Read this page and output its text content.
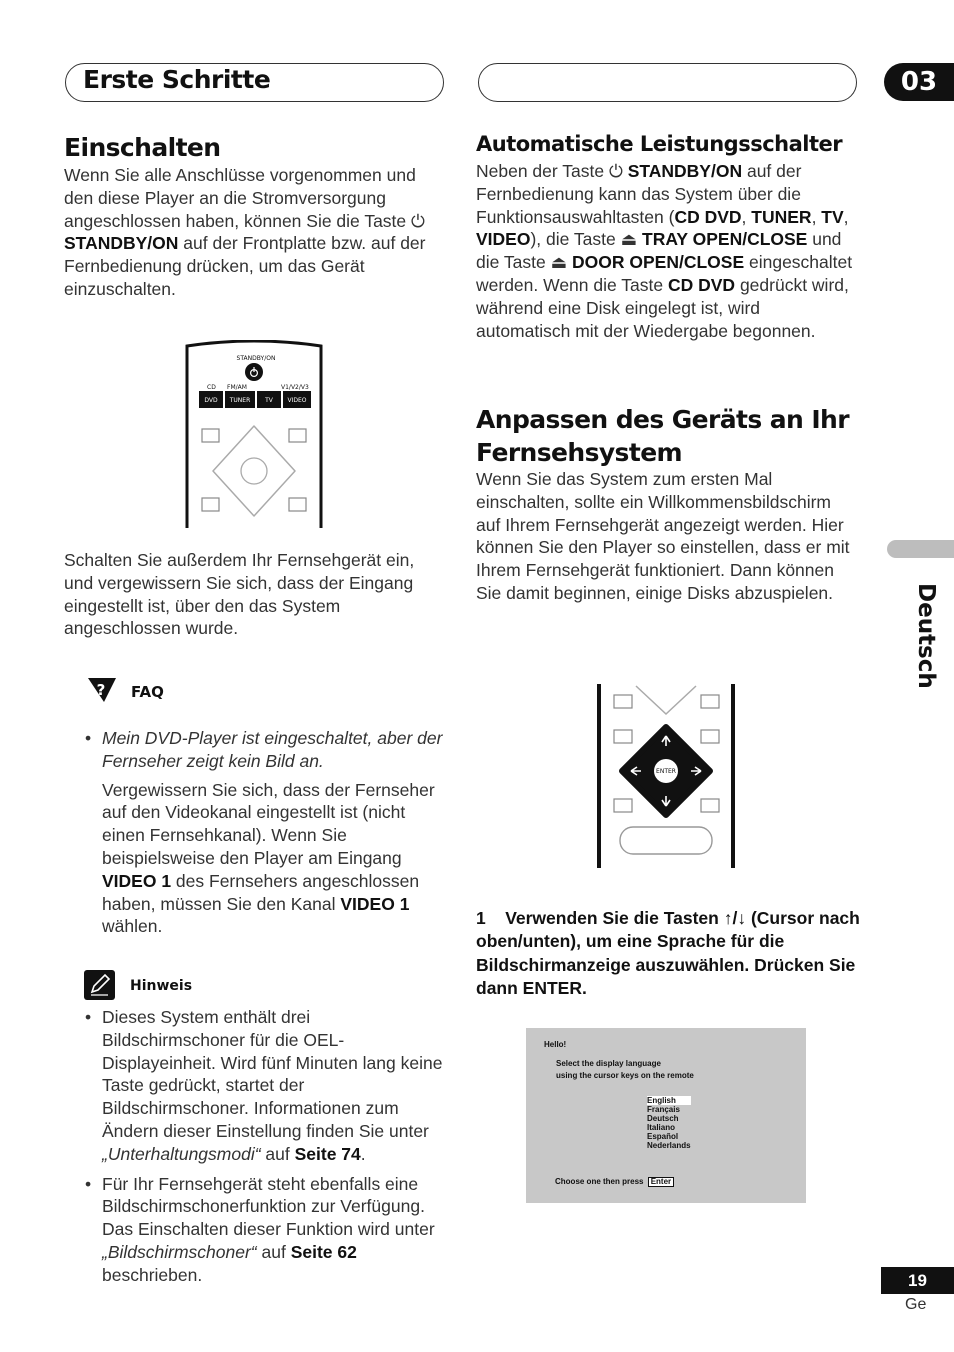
Erste Schritte	03
Deutsch
Einschalten

Wenn Sie alle Anschlüsse vorgenommen und den diese Player an die Stromversorgung angeschlossen haben, können Sie die Taste ⏻ STANDBY/ON auf der Frontplatte bzw. auf der Fernbedienung drücken, um das Gerät einzuschalten.

STANDBY/ON
CD FM/AM	V1/V2/V3
DVD TUNER TV VIDEO

Schalten Sie außerdem Ihr Fernsehgerät ein, und vergewissern Sie sich, dass der Eingang eingestellt ist, über den das System angeschlossen wurde.

? FAQ
• Mein DVD-Player ist eingeschaltet, aber der Fernseher zeigt kein Bild an.
Vergewissern Sie sich, dass der Fernseher auf den Videokanal eingestellt ist (nicht einen Fernsehkanal). Wenn Sie beispielsweise den Player am Eingang VIDEO 1 des Fernsehers angeschlossen haben, müssen Sie den Kanal VIDEO 1 wählen.
Hinweis
• Dieses System enthält drei Bildschirmschoner für die OEL-Displayeinheit. Wird fünf Minuten lang keine Taste gedrückt, startet der Bildschirmschoner. Informationen zum Ändern dieser Einstellung finden Sie unter „Unterhaltungsmodi“ auf Seite 74.
• Für Ihr Fernsehgerät steht ebenfalls eine Bildschirmschonerfunktion zur Verfügung. Das Einschalten dieser Funktion wird unter „Bildschirmschoner“ auf Seite 62 beschrieben.
Automatische Leistungsschalter

Neben der Taste ⏻ STANDBY/ON auf der Fernbedienung kann das System über die Funktionsauswahltasten (CD DVD, TUNER, TV, VIDEO), die Taste ⏏ TRAY OPEN/CLOSE und die Taste ⏏ DOOR OPEN/CLOSE eingeschaltet werden. Wenn die Taste CD DVD gedrückt wird, während eine Disk eingelegt ist, wird automatisch mit der Wiedergabe begonnen.

Anpassen des Geräts an Ihr Fernsehsystem

Wenn Sie das System zum ersten Mal einschalten, sollte ein Willkommensbildschirm auf Ihrem Fernsehgerät angezeigt werden. Hier können Sie den Player so einstellen, dass er mit Ihrem Fernsehgerät funktioniert. Dann können Sie damit beginnen, einige Disks abzuspielen.

ENTER

1 Verwenden Sie die Tasten ↑/↓ (Cursor nach oben/unten), um eine Sprache für die Bildschirmanzeige auszuwählen. Drücken Sie dann ENTER.

Hello!
Select the display language
using the cursor keys on the remote
English
Français
Deutsch
Italiano
Español
Nederlands
Choose one then press Enter
19
Ge
